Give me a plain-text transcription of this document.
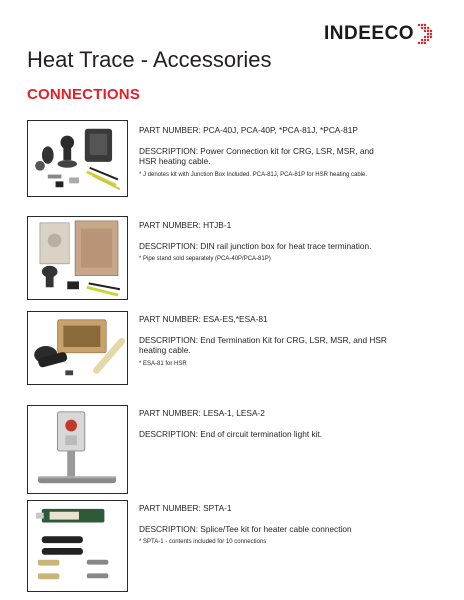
INDEECO
Heat Trace - Accessories
CONNECTIONS

PART NUMBER: PCA-40J, PCA-40P, *PCA-81J, *PCA-81P

DESCRIPTION: Power Connection kit for CRG, LSR, MSR, and HSR heating cable.

* J denotes kit with Junction Box Included. PCA-81J, PCA-81P for HSR heating cable.

PART NUMBER: HTJB-1

DESCRIPTION: DIN rail junction box for heat trace termination.

* Pipe stand sold separately (PCA-40P/PCA-81P)

PART NUMBER: ESA-ES,*ESA-81

DESCRIPTION: End Termination Kit for CRG, LSR, MSR, and HSR heating cable.

* ESA-81 for HSR

PART NUMBER: LESA-1, LESA-2

DESCRIPTION: End of circuit termination light kit.

PART NUMBER: SPTA-1

DESCRIPTION: Splice/Tee kit for heater cable connection

* SPTA-1 - contents included for 10 connections
